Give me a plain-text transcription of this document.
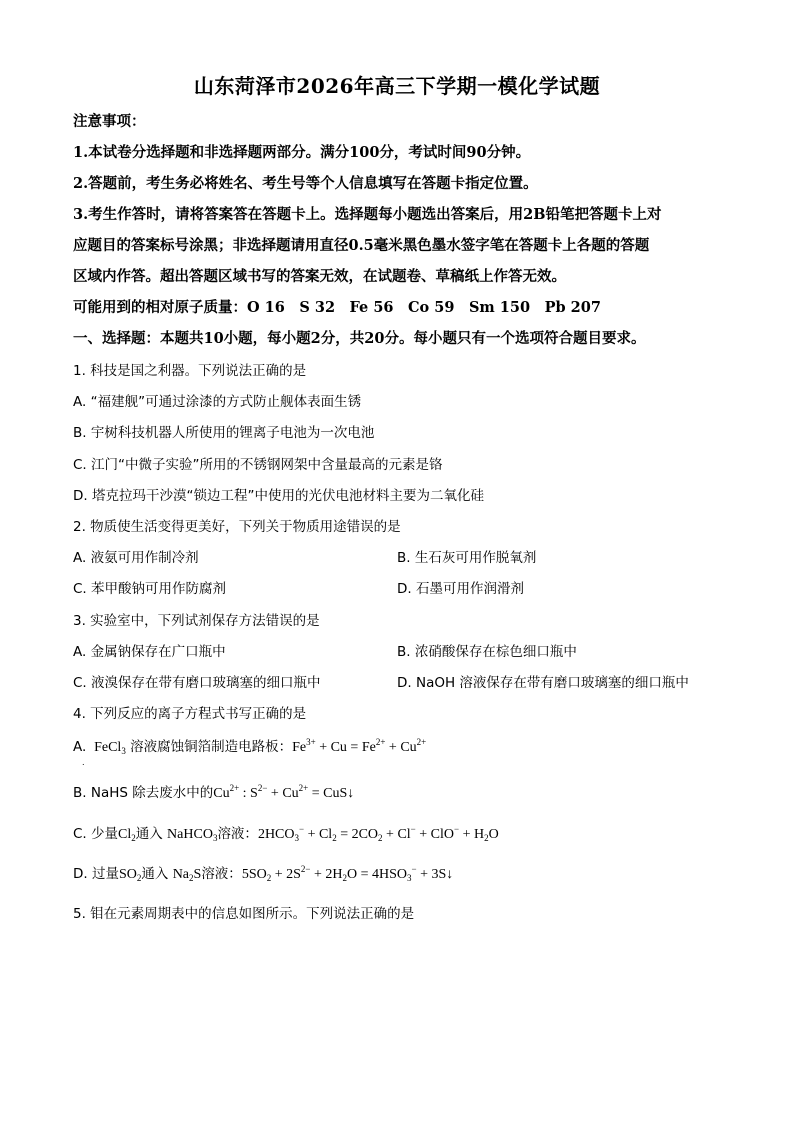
山东菏泽市2026年高三下学期一模化学试题
注意事项：
1.本试卷分选择题和非选择题两部分。满分100分，考试时间90分钟。
2.答题前，考生务必将姓名、考生号等个人信息填写在答题卡指定位置。
3.考生作答时，请将答案答在答题卡上。选择题每小题选出答案后，用2B铅笔把答题卡上对
应题目的答案标号涂黑；非选择题请用直径0.5毫米黑色墨水签字笔在答题卡上各题的答题
区域内作答。超出答题区域书写的答案无效，在试题卷、草稿纸上作答无效。
可能用到的相对原子质量：O 16　S 32　Fe 56　Co 59　Sm 150　Pb 207
一、选择题：本题共10小题，每小题2分，共20分。每小题只有一个选项符合题目要求。
1. 科技是国之利器。下列说法正确的是
A. “福建舰”可通过涂漆的方式防止舰体表面生锈
B. 宇树科技机器人所使用的锂离子电池为一次电池
C. 江门“中微子实验”所用的不锈钢网架中含量最高的元素是铬
D. 塔克拉玛干沙漠“锁边工程”中使用的光伏电池材料主要为二氧化硅
2. 物质使生活变得更美好，下列关于物质用途错误的是
A. 液氨可用作制冷剂	B. 生石灰可用作脱氧剂
C. 苯甲酸钠可用作防腐剂	D. 石墨可用作润滑剂
3. 实验室中，下列试剂保存方法错误的是
A. 金属钠保存在广口瓶中	B. 浓硝酸保存在棕色细口瓶中
C. 液溴保存在带有磨口玻璃塞的细口瓶中	D. NaOH 溶液保存在带有磨口玻璃塞的细口瓶中
4. 下列反应的离子方程式书写正确的是
A.  FeCl$_3$ 溶液腐蚀铜箔制造电路板：$Fe^{3+} + Cu = Fe^{2+} + Cu^{2+}$
.
B. NaHS 除去废水中的$Cu^{2+}$ : $S^{2-} + Cu^{2+}$ = CuS↓
C. 少量$Cl_2$通入 NaHCO$_3$溶液：$2HCO_3^- + Cl_2 = 2CO_2 + Cl^- + ClO^- + H_2O$
D. 过量$SO_2$通入 $Na_2S$溶液：$5SO_2 + 2S^{2-} + 2H_2O = 4HSO_3^-$ + 3S↓
5. 钼在元素周期表中的信息如图所示。下列说法正确的是
